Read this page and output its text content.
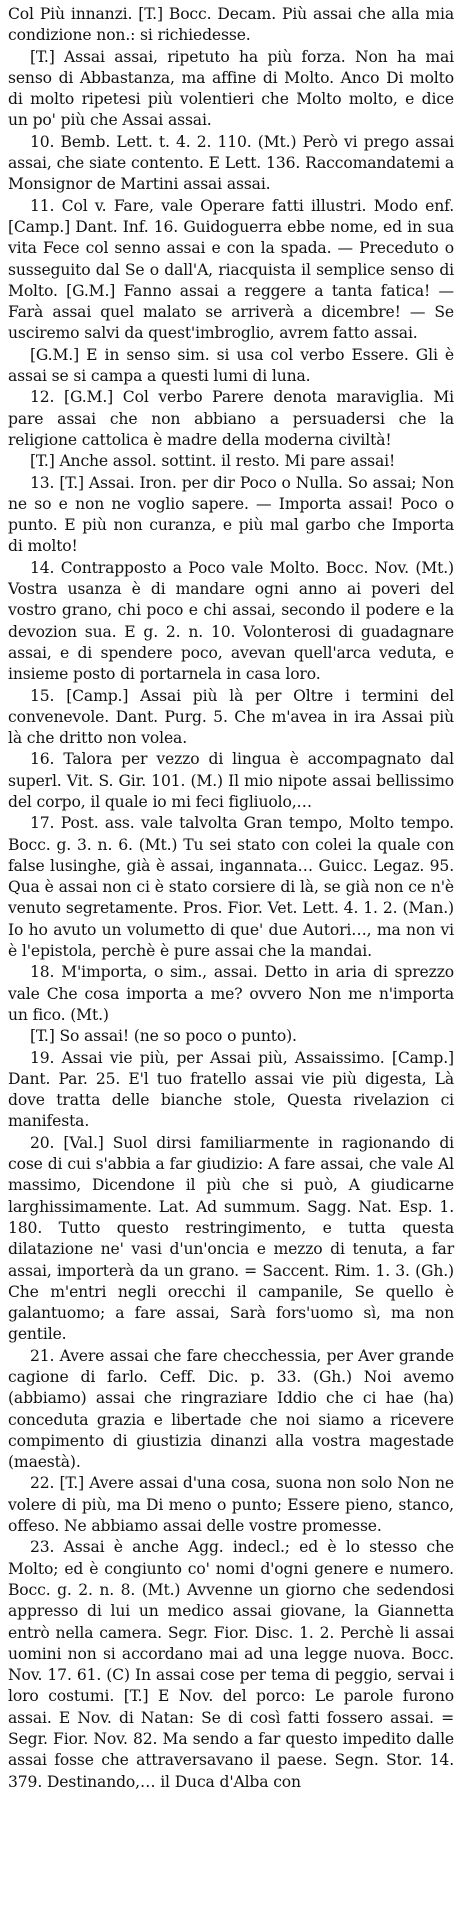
Col Più innanzi. [T.] Bocc. Decam. Più assai che alla mia condizione non.: si richiedesse.

[T.] Assai assai, ripetuto ha più forza. Non ha mai senso di Abbastanza, ma affine di Molto. Anco Di molto di molto ripetesi più volentieri che Molto molto, e dice un po' più che Assai assai.

10. Bemb. Lett. t. 4. 2. 110. (Mt.) Però vi prego assai assai, che siate contento. E Lett. 136. Raccomandatemi a Monsignor de Martini assai assai.

11. Col v. Fare, vale Operare fatti illustri. Modo enf. [Camp.] Dant. Inf. 16. Guidoguerra ebbe nome, ed in sua vita Fece col senno assai e con la spada. — Preceduto o susseguito dal Se o dall'A, riacquista il semplice senso di Molto. [G.M.] Fanno assai a reggere a tanta fatica! — Farà assai quel malato se arriverà a dicembre! — Se usciremo salvi da quest'imbroglio, avrem fatto assai.

[G.M.] E in senso sim. si usa col verbo Essere. Gli è assai se si campa a questi lumi di luna.

12. [G.M.] Col verbo Parere denota maraviglia. Mi pare assai che non abbiano a persuadersi che la religione cattolica è madre della moderna civiltà!

[T.] Anche assol. sottint. il resto. Mi pare assai!

13. [T.] Assai. Iron. per dir Poco o Nulla. So assai; Non ne so e non ne voglio sapere. — Importa assai! Poco o punto. E più non curanza, e più mal garbo che Importa di molto!

14. Contrapposto a Poco vale Molto. Bocc. Nov. (Mt.) Vostra usanza è di mandare ogni anno ai poveri del vostro grano, chi poco e chi assai, secondo il podere e la devozion sua. E g. 2. n. 10. Volonterosi di guadagnare assai, e di spendere poco, avevan quell'arca veduta, e insieme posto di portarnela in casa loro.

15. [Camp.] Assai più là per Oltre i termini del convenevole. Dant. Purg. 5. Che m'avea in ira Assai più là che dritto non volea.

16. Talora per vezzo di lingua è accompagnato dal superl. Vit. S. Gir. 101. (M.) Il mio nipote assai bellissimo del corpo, il quale io mi feci figliuolo,…

17. Post. ass. vale talvolta Gran tempo, Molto tempo. Bocc. g. 3. n. 6. (Mt.) Tu sei stato con colei la quale con false lusinghe, già è assai, ingannata… Guicc. Legaz. 95. Qua è assai non ci è stato corsiere di là, se già non ce n'è venuto segretamente. Pros. Fior. Vet. Lett. 4. 1. 2. (Man.) Io ho avuto un volumetto di que' due Autori…, ma non vi è l'epistola, perchè è pure assai che la mandai.

18. M'importa, o sim., assai. Detto in aria di sprezzo vale Che cosa importa a me? ovvero Non me n'importa un fico. (Mt.)

[T.] So assai! (ne so poco o punto).

19. Assai vie più, per Assai più, Assaissimo. [Camp.] Dant. Par. 25. E'l tuo fratello assai vie più digesta, Là dove tratta delle bianche stole, Questa rivelazion ci manifesta.

20. [Val.] Suol dirsi familiarmente in ragionando di cose di cui s'abbia a far giudizio: A fare assai, che vale Al massimo, Dicendone il più che si può, A giudicarne larghissimamente. Lat. Ad summum. Sagg. Nat. Esp. 1. 180. Tutto questo restringimento, e tutta questa dilatazione ne' vasi d'un'oncia e mezzo di tenuta, a far assai, importerà da un grano. = Saccent. Rim. 1. 3. (Gh.) Che m'entri negli orecchi il campanile, Se quello è galantuomo; a fare assai, Sarà fors'uomo sì, ma non gentile.

21. Avere assai che fare checchessia, per Aver grande cagione di farlo. Ceff. Dic. p. 33. (Gh.) Noi avemo (abbiamo) assai che ringraziare Iddio che ci hae (ha) conceduta grazia e libertade che noi siamo a ricevere compimento di giustizia dinanzi alla vostra magestade (maestà).

22. [T.] Avere assai d'una cosa, suona non solo Non ne volere di più, ma Di meno o punto; Essere pieno, stanco, offeso. Ne abbiamo assai delle vostre promesse.

23. Assai è anche Agg. indecl.; ed è lo stesso che Molto; ed è congiunto co' nomi d'ogni genere e numero. Bocc. g. 2. n. 8. (Mt.) Avvenne un giorno che sedendosi appresso di lui un medico assai giovane, la Giannetta entrò nella camera. Segr. Fior. Disc. 1. 2. Perchè li assai uomini non si accordano mai ad una legge nuova. Bocc. Nov. 17. 61. (C) In assai cose per tema di peggio, servai i loro costumi. [T.] E Nov. del porco: Le parole furono assai. E Nov. di Natan: Se di così fatti fossero assai. = Segr. Fior. Nov. 82. Ma sendo a far questo impedito dalle assai fosse che attraversavano il paese. Segn. Stor. 14. 379. Destinando,… il Duca d'Alba con
